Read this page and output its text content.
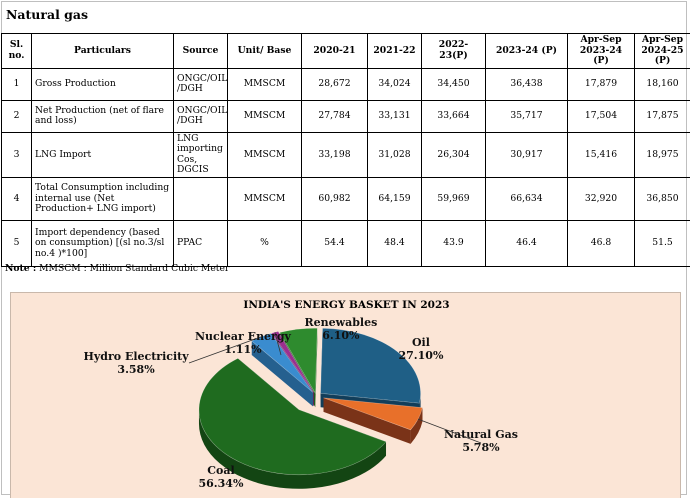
Natural gas
Sl. no.	Particulars	Source	Unit/ Base	2020-21	2021-22	2022-23(P)	2023-24 (P)	Apr-Sep 2023-24 (P)	Apr-Sep 2024-25 (P)
1	Gross Production	ONGC/OIL /DGH	MMSCM	28,672	34,024	34,450	36,438	17,879	18,160
2	Net Production (net of flare and loss)	ONGC/OIL /DGH	MMSCM	27,784	33,131	33,664	35,717	17,504	17,875
3	LNG Import	LNG importing Cos, DGCIS	MMSCM	33,198	31,028	26,304	30,917	15,416	18,975
4	Total Consumption including internal use (Net Production+ LNG import)		MMSCM	60,982	64,159	59,969	66,634	32,920	36,850
5	Import dependency (based on consumption) [(sl no.3/sl no.4 )*100]	PPAC	%	54.4	48.4	43.9	46.4	46.8	51.5
Note : MMSCM : Million Standard Cubic Meter
INDIA'S ENERGY BASKET IN 2023
Oil
27.10%
Natural Gas
5.78%
Coal
56.34%
Hydro Electricity
3.58%
Nuclear Energy
1.11%
Renewables
6.10%
